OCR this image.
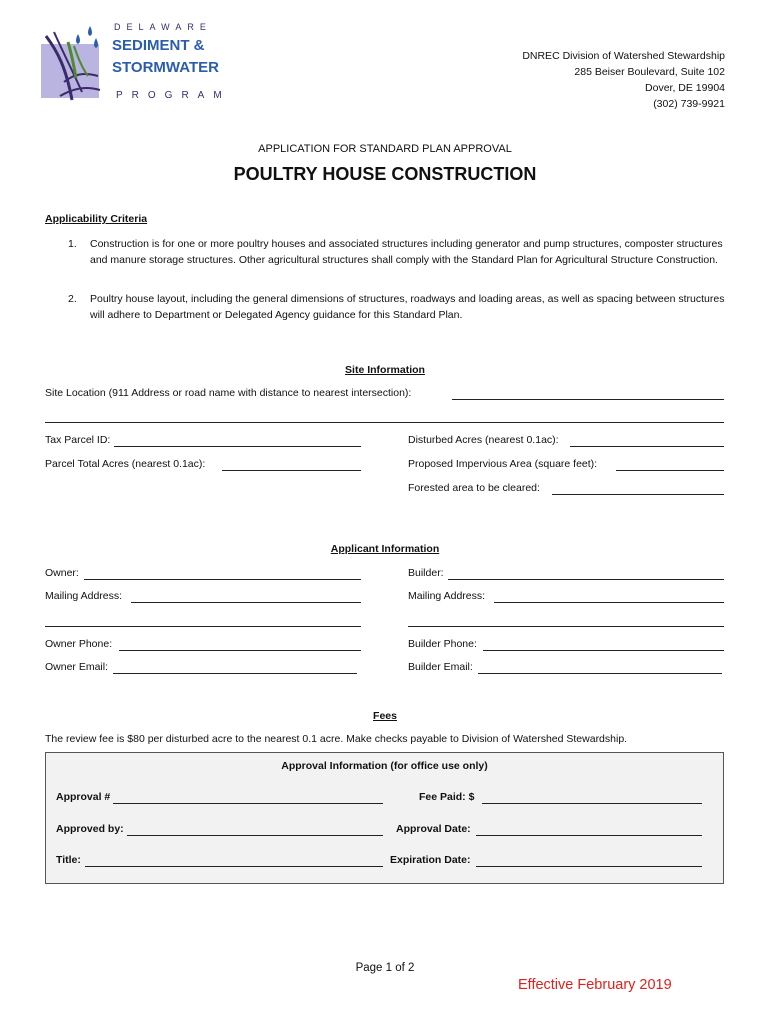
DELAWARE
SEDIMENT &
STORMWATER
PROGRAM
DNREC Division of Watershed Stewardship
285 Beiser Boulevard, Suite 102
Dover, DE 19904
(302) 739-9921
APPLICATION FOR STANDARD PLAN APPROVAL
POULTRY HOUSE CONSTRUCTION
Applicability Criteria
1. Construction is for one or more poultry houses and associated structures including generator and pump structures, composter structures and manure storage structures. Other agricultural structures shall comply with the Standard Plan for Agricultural Structure Construction.
2. Poultry house layout, including the general dimensions of structures, roadways and loading areas, as well as spacing between structures will adhere to Department or Delegated Agency guidance for this Standard Plan.
Site Information
Site Location (911 Address or road name with distance to nearest intersection):
Tax Parcel ID:	Disturbed Acres (nearest 0.1ac):
Parcel Total Acres (nearest 0.1ac):	Proposed Impervious Area (square feet):
Forested area to be cleared:
Applicant Information
Owner:	Builder:
Mailing Address:	Mailing Address:
Owner Phone:	Builder Phone:
Owner Email:	Builder Email:
Fees
The review fee is $80 per disturbed acre to the nearest 0.1 acre. Make checks payable to Division of Watershed Stewardship.
Approval Information (for office use only)
Approval #	Fee Paid: $
Approved by:	Approval Date:
Title:	Expiration Date:
Page 1 of 2
Effective February 2019
